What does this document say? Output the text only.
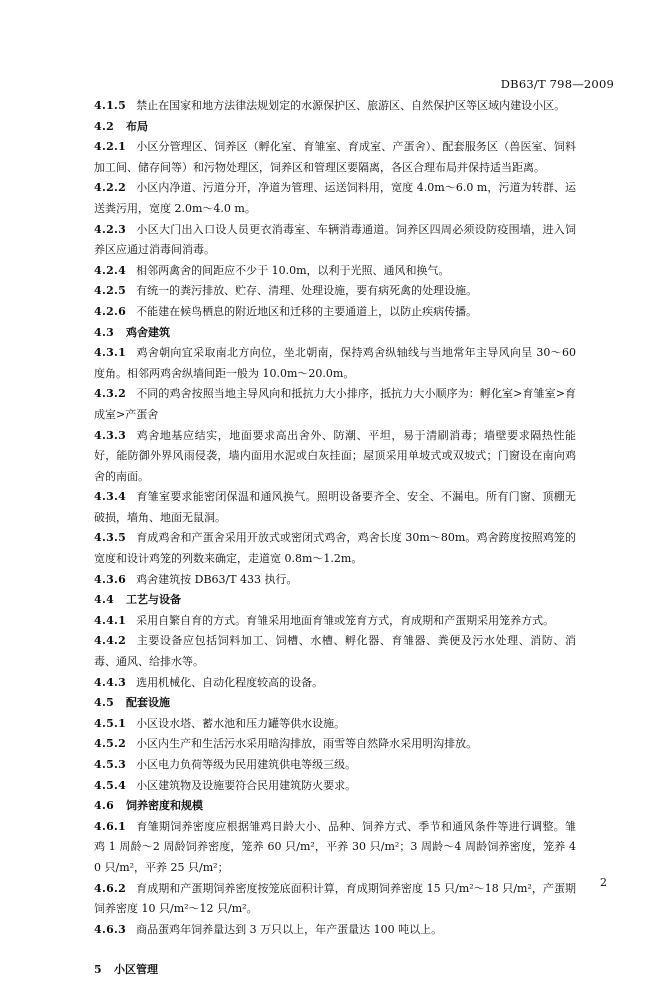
DB63/T 798—2009

4.1.5 禁止在国家和地方法律法规划定的水源保护区、旅游区、自然保护区等区域内建设小区。

4.2 布局

4.2.1 小区分管理区、饲养区（孵化室、育雏室、育成室、产蛋舍）、配套服务区（兽医室、饲料加工间、储存间等）和污物处理区，饲养区和管理区要隔离，各区合理布局并保持适当距离。

4.2.2 小区内净道、污道分开，净道为管理、运送饲料用，宽度 4.0m～6.0 m，污道为转群、运送粪污用，宽度 2.0m～4.0 m。

4.2.3 小区大门出入口设人员更衣消毒室、车辆消毒通道。饲养区四周必须设防疫围墙，进入饲养区应通过消毒间消毒。

4.2.4 相邻两禽舍的间距应不少于 10.0m，以利于光照、通风和换气。

4.2.5 有统一的粪污排放、贮存、清理、处理设施，要有病死禽的处理设施。

4.2.6 不能建在候鸟栖息的附近地区和迁移的主要通道上，以防止疾病传播。

4.3 鸡舍建筑

4.3.1 鸡舍朝向宜采取南北方向位，坐北朝南，保持鸡舍纵轴线与当地常年主导风向呈 30～60 度角。相邻两鸡舍纵墙间距一般为 10.0m～20.0m。

4.3.2 不同的鸡舍按照当地主导风向和抵抗力大小排序，抵抗力大小顺序为：孵化室>育雏室>育成室>产蛋舍

4.3.3 鸡舍地基应结实，地面要求高出舍外、防潮、平坦，易于清刷消毒；墙壁要求隔热性能好，能防御外界风雨侵袭，墙内面用水泥或白灰挂面；屋顶采用单坡式或双坡式；门窗设在南向鸡舍的南面。

4.3.4 育雏室要求能密闭保温和通风换气。照明设备要齐全、安全、不漏电。所有门窗、顶棚无破损，墙角、地面无鼠洞。

4.3.5 育成鸡舍和产蛋舍采用开放式或密闭式鸡舍，鸡舍长度 30m～80m。鸡舍跨度按照鸡笼的宽度和设计鸡笼的列数来确定，走道宽 0.8m～1.2m。

4.3.6 鸡舍建筑按 DB63/T 433 执行。

4.4 工艺与设备

4.4.1 采用自繁自育的方式。育雏采用地面育雏或笼育方式，育成期和产蛋期采用笼养方式。

4.4.2 主要设备应包括饲料加工、饲槽、水槽、孵化器、育雏器、粪便及污水处理、消防、消毒、通风、给排水等。

4.4.3 选用机械化、自动化程度较高的设备。

4.5 配套设施

4.5.1 小区设水塔、蓄水池和压力罐等供水设施。

4.5.2 小区内生产和生活污水采用暗沟排放，雨雪等自然降水采用明沟排放。

4.5.3 小区电力负荷等级为民用建筑供电等级三级。

4.5.4 小区建筑物及设施要符合民用建筑防火要求。

4.6 饲养密度和规模

4.6.1 育雏期饲养密度应根据雏鸡日龄大小、品种、饲养方式、季节和通风条件等进行调整。雏鸡 1 周龄～2 周龄饲养密度，笼养 60 只/m²，平养 30 只/m²；3 周龄～4 周龄饲养密度，笼养 40 只/m²，平养 25 只/m²；

4.6.2 育成期和产蛋期饲养密度按笼底面积计算，育成期饲养密度 15 只/m²～18 只/m²，产蛋期饲养密度 10 只/m²～12 只/m²。

4.6.3 商品蛋鸡年饲养量达到 3 万只以上，年产蛋量达 100 吨以上。

5 小区管理

2
